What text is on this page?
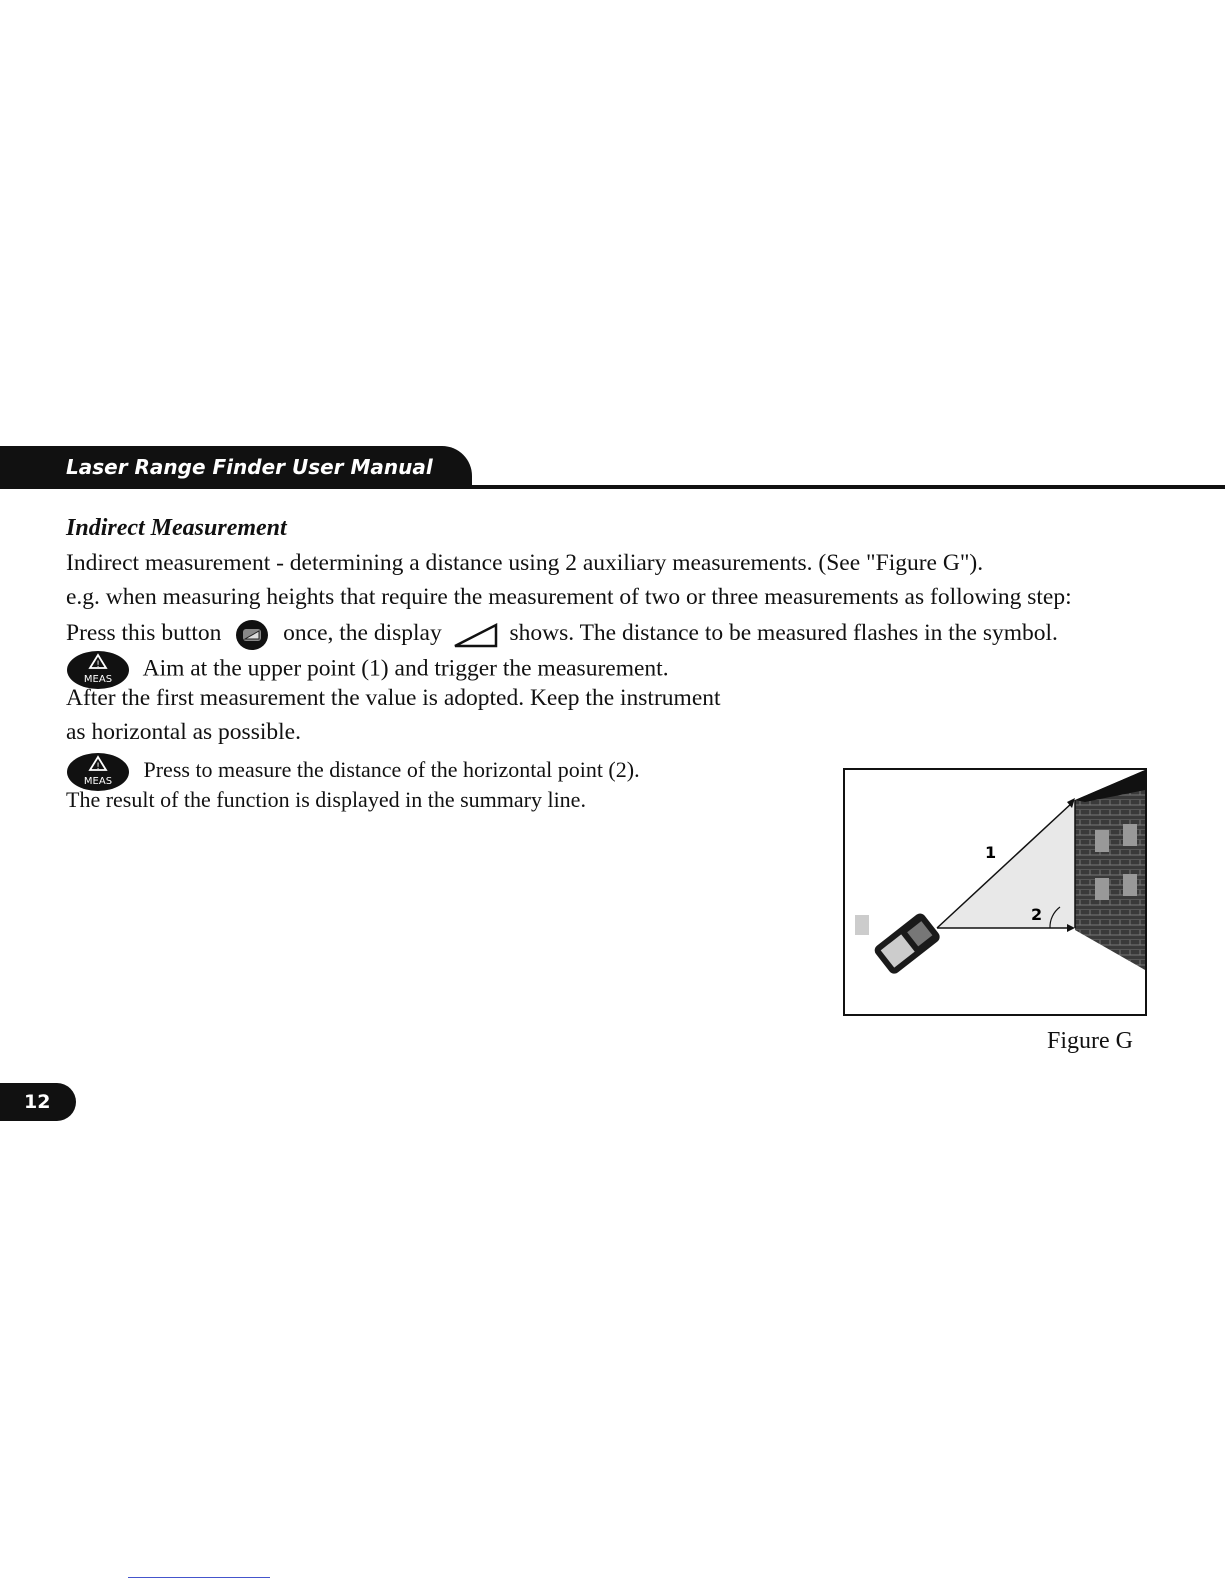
Laser Range Finder User Manual
Indirect Measurement
Indirect measurement - determining a distance using 2 auxiliary measurements. (See "Figure G").
e.g. when measuring heights that require the measurement of two or three measurements as following step:
Press this button	once, the display	shows. The distance to be measured flashes in the symbol.
!
MEAS Aim at the upper point (1) and trigger the measurement.
After the first measurement the value is adopted. Keep the instrument
as horizontal as possible.
!
MEAS Press to measure the distance of the horizontal point (2).
The result of the function is displayed in the summary line.
1
2
Figure G
12
